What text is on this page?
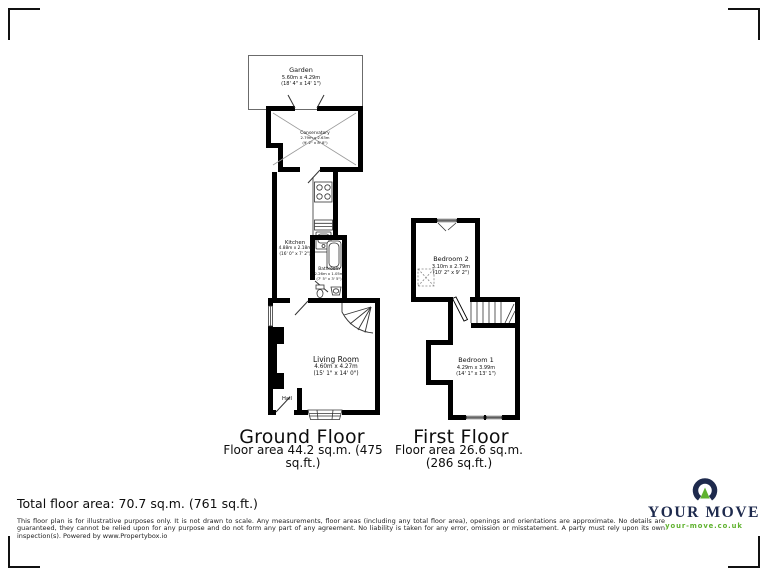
Garden
5.60m x 4.29m
(18' 4" x 14' 1")
Conservatory
2.79m x 2.63m
(9' 2" x 8' 8")
Kitchen
4.88m x 2.18m
(16' 0" x 7' 2")
Bathroom
2.26m x 1.05m
(7' 5" x 3' 5")
Living Room
4.60m x 4.27m
(15' 1" x 14' 0")
Hall
Bedroom 2
3.10m x 2.79m
(10' 2" x 9' 2")
Bedroom 1
4.29m x 3.99m
(14' 1" x 13' 1")
Ground Floor
Floor area 44.2 sq.m. (475
sq.ft.)
First Floor
Floor area 26.6 sq.m.
(286 sq.ft.)
Total floor area: 70.7 sq.m. (761 sq.ft.)
This floor plan is for illustrative purposes only. It is not drawn to scale. Any measurements, floor areas (including any total floor area), openings and orientations are approximate. No details are guaranteed, they cannot be relied upon for any purpose and do not form any part of any agreement. No liability is taken for any error, omission or misstatement. A party must rely upon its own inspection(s). Powered by www.Propertybox.io
YOUR MOVE
your-move.co.uk
